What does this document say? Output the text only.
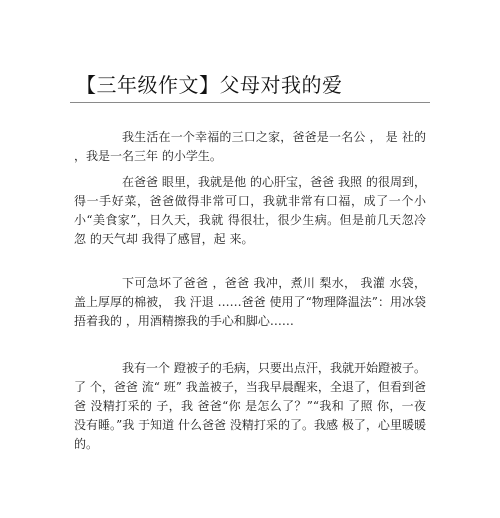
【三年级作文】父母对我的爱

我生活在一个幸福的三口之家，爸爸是一名公 ， 是 社的 ，我是一名三年 的小学生。

在爸爸 眼里，我就是他 的心肝宝，爸爸 我照 的很周到， 得一手好菜，爸爸做得非常可口，我就非常有口福，成了一个小小“美食家”，日久天，我就 得很壮，很少生病。但是前几天忽冷忽 的天气却 我得了感冒，起 来。

下可急坏了爸爸 ，爸爸 我冲，煮川 梨水， 我灌 水袋，盖上厚厚的棉被， 我 汗退 ……爸爸 使用了“物理降温法”：用冰袋捂着我的 ，用酒精擦我的手心和脚心……

我有一个 蹬被子的毛病，只要出点汗，我就开始蹬被子。了 个，爸爸 流“ 班” 我盖被子，当我早晨醒来，全退了，但看到爸爸 没精打采的 子，我 爸爸“你 是怎么了？”“我和 了照 你，一夜没有睡。”我 于知道 什么爸爸 没精打采的了。我感 极了，心里暖暖的。
